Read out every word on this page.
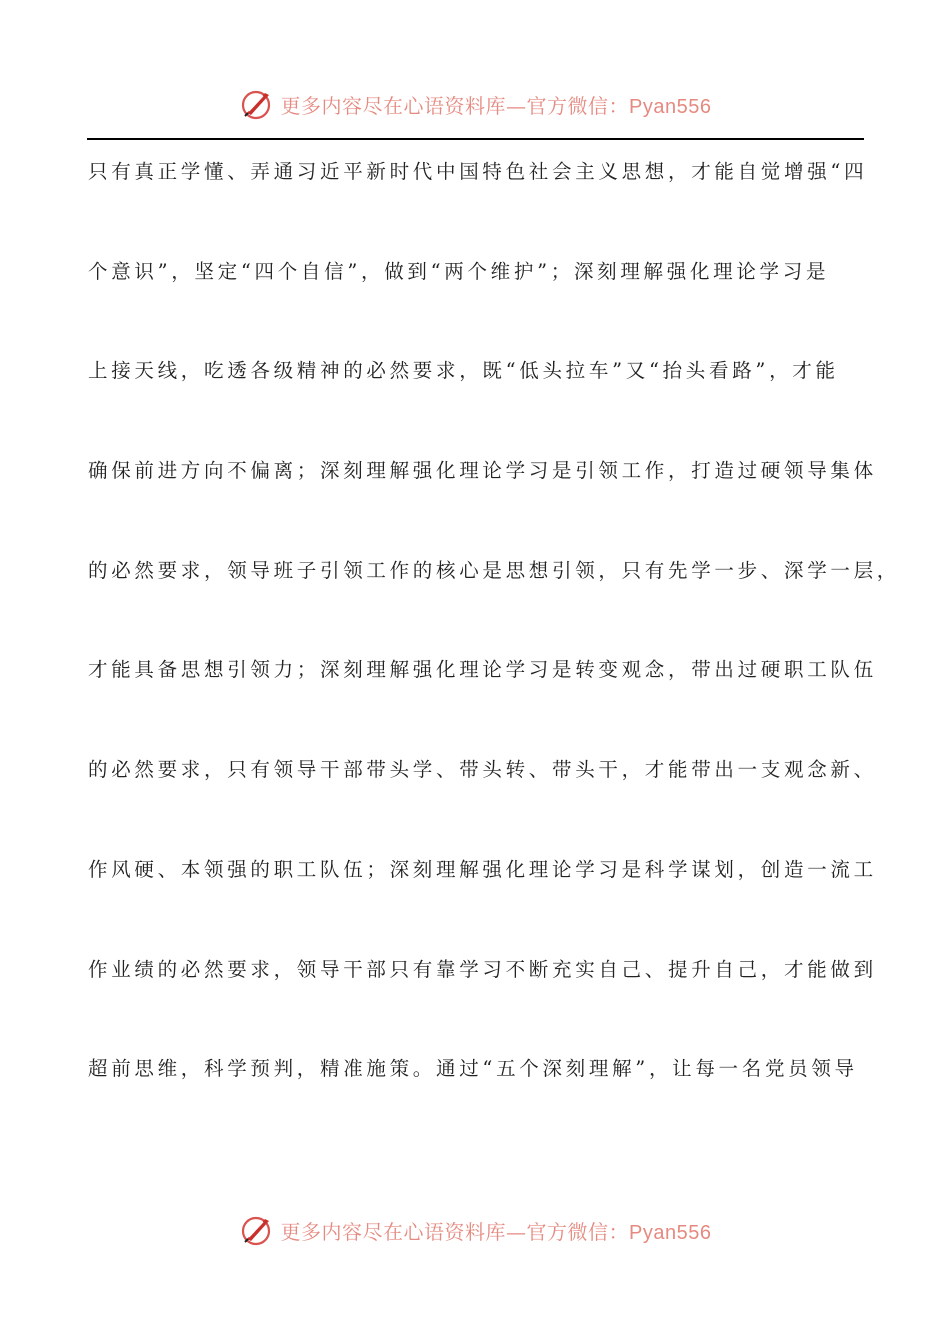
更多内容尽在心语资料库—官方微信：Pyan556
只有真正学懂、弄通习近平新时代中国特色社会主义思想，才能自觉增强“四
个意识”，坚定“四个自信”，做到“两个维护”；深刻理解强化理论学习是
上接天线，吃透各级精神的必然要求，既“低头拉车”又“抬头看路”，才能
确保前进方向不偏离；深刻理解强化理论学习是引领工作，打造过硬领导集体
的必然要求，领导班子引领工作的核心是思想引领，只有先学一步、深学一层，
才能具备思想引领力；深刻理解强化理论学习是转变观念，带出过硬职工队伍
的必然要求，只有领导干部带头学、带头转、带头干，才能带出一支观念新、
作风硬、本领强的职工队伍；深刻理解强化理论学习是科学谋划，创造一流工
作业绩的必然要求，领导干部只有靠学习不断充实自己、提升自己，才能做到
超前思维，科学预判，精准施策。通过“五个深刻理解”，让每一名党员领导
更多内容尽在心语资料库—官方微信：Pyan556
